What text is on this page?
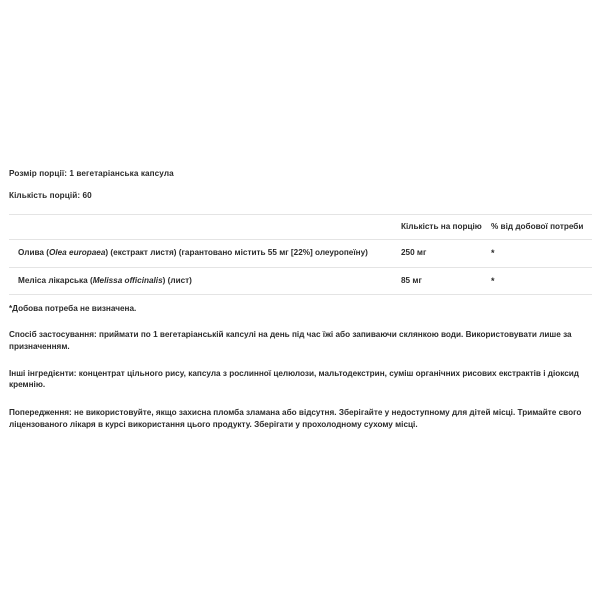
Розмір порції: 1 вегетаріанська капсула

Кількість порцій: 60

	Кількість на порцію	% від добової потреби
Олива (Olea europaea) (екстракт листя) (гарантовано містить 55 мг [22%] олеуропеїну)	250 мг	*
Меліса лікарська (Melissa officinalis) (лист)	85 мг	*

*Добова потреба не визначена.

Спосіб застосування: приймати по 1 вегетаріанській капсулі на день під час їжі або запиваючи склянкою води. Використовувати лише за призначенням.

Інші інгредієнти: концентрат цільного рису, капсула з рослинної целюлози, мальтодекстрин, суміш органічних рисових екстрактів і діоксид кремнію.

Попередження: не використовуйте, якщо захисна пломба зламана або відсутня. Зберігайте у недоступному для дітей місці. Тримайте свого ліцензованого лікаря в курсі використання цього продукту. Зберігати у прохолодному сухому місці.
